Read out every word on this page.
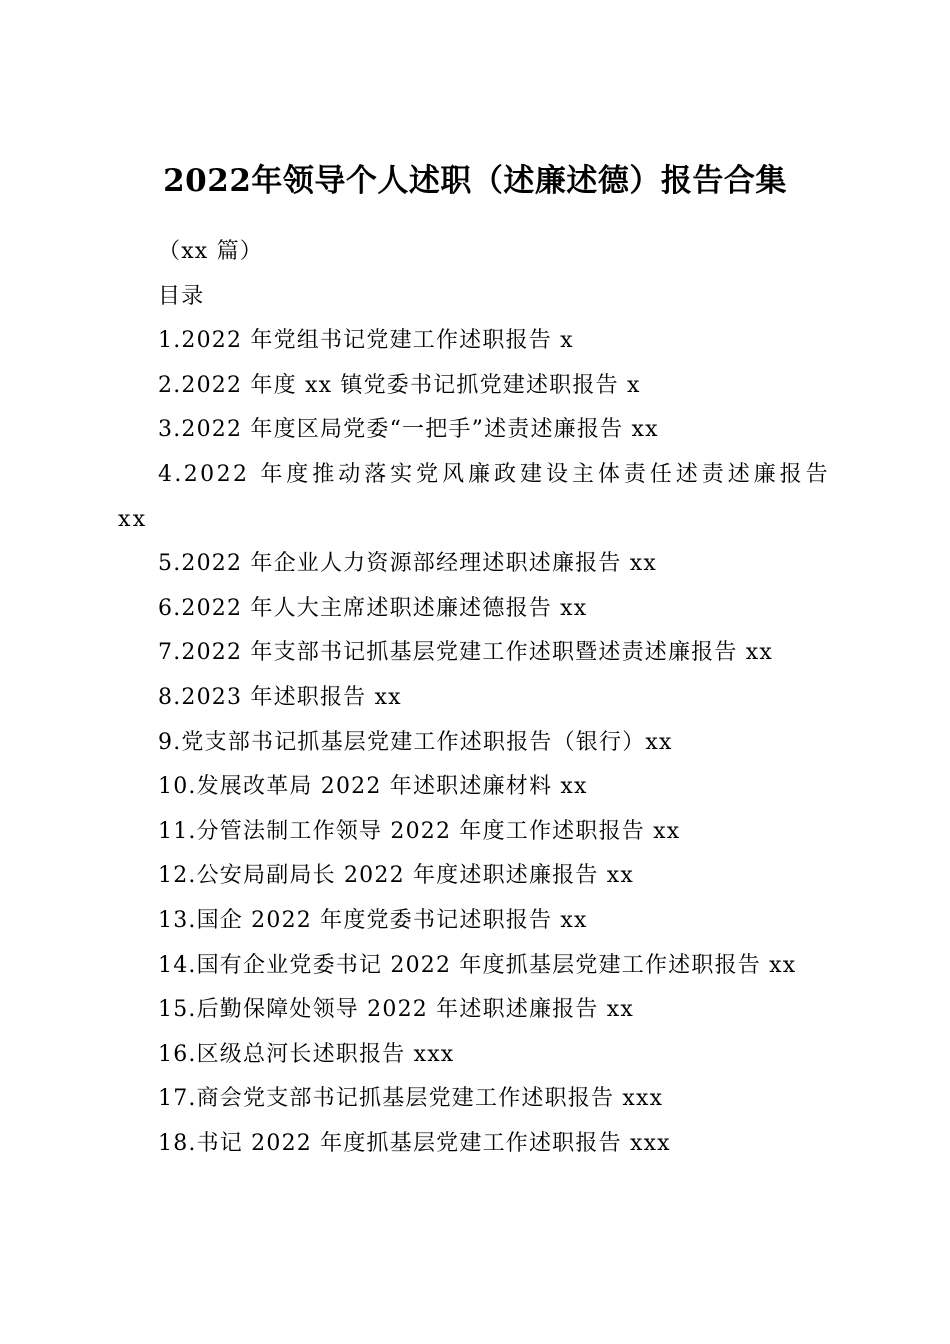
2022年领导个人述职（述廉述德）报告合集

（xx 篇）

目录

1.2022 年党组书记党建工作述职报告 x
2.2022 年度 xx 镇党委书记抓党建述职报告 x
3.2022 年度区局党委“一把手”述责述廉报告 xx
4.2022 年度推动落实党风廉政建设主体责任述责述廉报告 xx
5.2022 年企业人力资源部经理述职述廉报告 xx
6.2022 年人大主席述职述廉述德报告 xx
7.2022 年支部书记抓基层党建工作述职暨述责述廉报告 xx
8.2023 年述职报告 xx
9.党支部书记抓基层党建工作述职报告（银行）xx
10.发展改革局 2022 年述职述廉材料 xx
11.分管法制工作领导 2022 年度工作述职报告 xx
12.公安局副局长 2022 年度述职述廉报告 xx
13.国企 2022 年度党委书记述职报告 xx
14.国有企业党委书记 2022 年度抓基层党建工作述职报告 xx
15.后勤保障处领导 2022 年述职述廉报告 xx
16.区级总河长述职报告 xxx
17.商会党支部书记抓基层党建工作述职报告 xxx
18.书记 2022 年度抓基层党建工作述职报告 xxx
